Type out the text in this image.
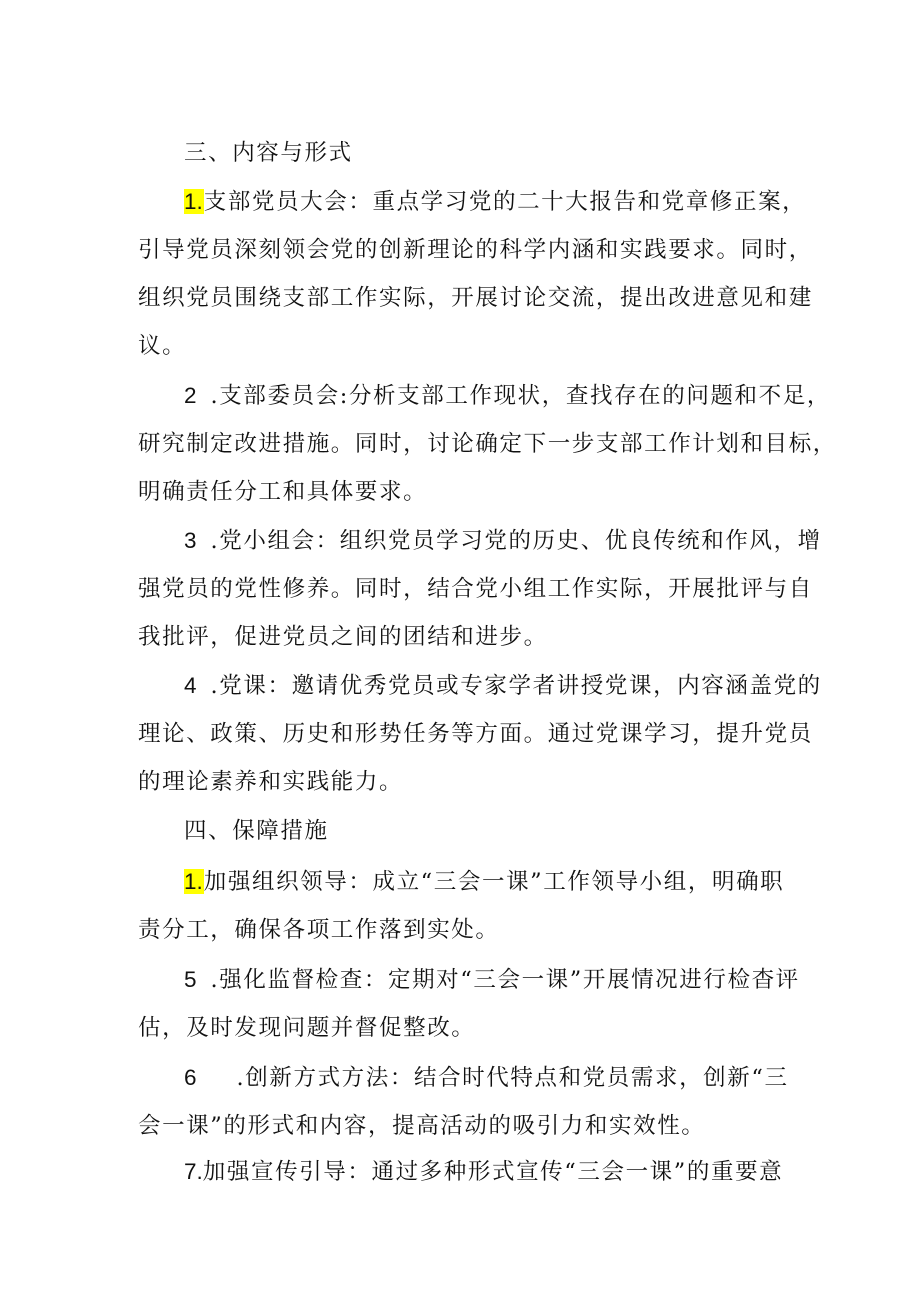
三、内容与形式
1.支部党员大会：重点学习党的二十大报告和党章修正案，
引导党员深刻领会党的创新理论的科学内涵和实践要求。同时，
组织党员围绕支部工作实际，开展讨论交流，提出改进意见和建
议。
2 .支部委员会:分析支部工作现状，查找存在的问题和不足，
研究制定改进措施。同时，讨论确定下一步支部工作计划和目标，
明确责任分工和具体要求。
3 .党小组会：组织党员学习党的历史、优良传统和作风，增
强党员的党性修养。同时，结合党小组工作实际，开展批评与自
我批评，促进党员之间的团结和进步。
4 .党课：邀请优秀党员或专家学者讲授党课，内容涵盖党的
理论、政策、历史和形势任务等方面。通过党课学习，提升党员
的理论素养和实践能力。
四、保障措施
1.加强组织领导：成立“三会一课”工作领导小组，明确职
责分工，确保各项工作落到实处。
5 .强化监督检查：定期对“三会一课”开展情况进行检杳评
估，及时发现问题并督促整改。
6 .创新方式方法：结合时代特点和党员需求，创新“三
会一课”的形式和内容，提高活动的吸引力和实效性。
7.加强宣传引导：通过多种形式宣传“三会一课”的重要意
